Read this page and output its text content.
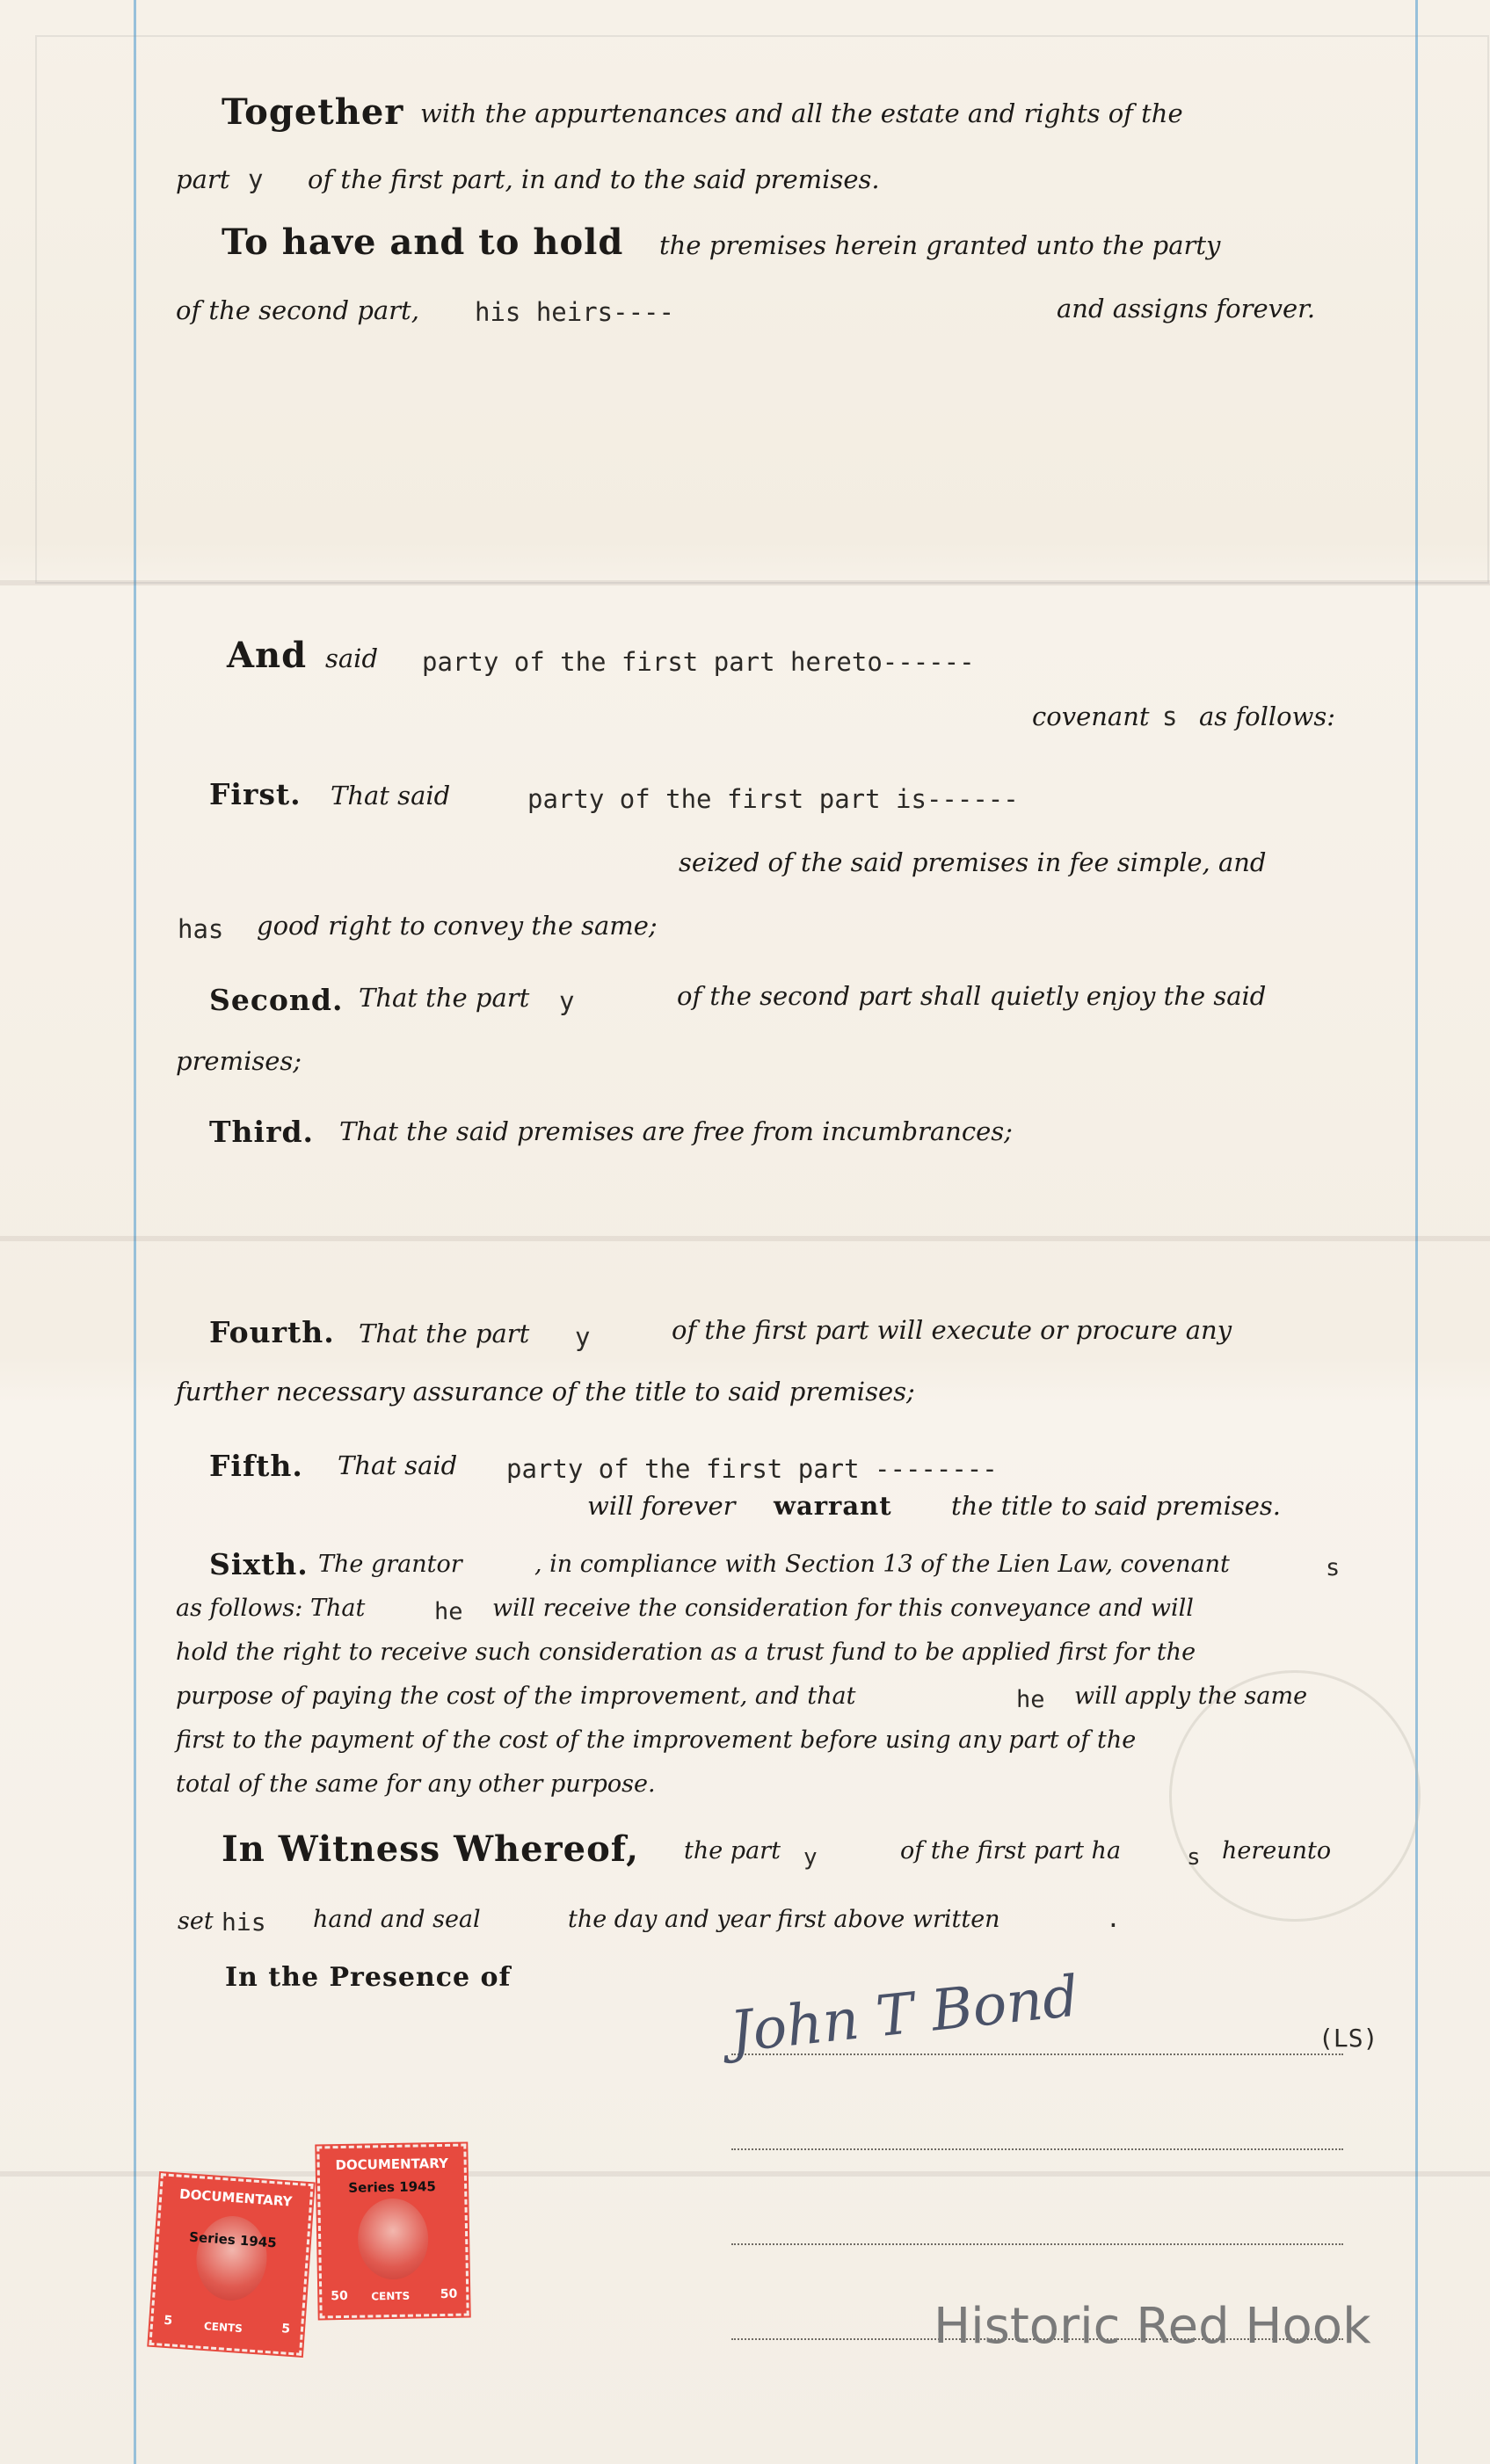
Together with the appurtenances and all the estate and rights of the
part y of the first part, in and to the said premises.
To have and to hold the premises herein granted unto the party
of the second part, his heirs----	and assigns forever.
And said party of the first part hereto------
covenant s as follows:
First. That said	party of the first part is------
seized of the said premises in fee simple, and
has good right to convey the same;
Second. That the part y	of the second part shall quietly enjoy the said
premises;
Third. That the said premises are free from incumbrances;
Fourth. That the part y	of the first part will execute or procure any
further necessary assurance of the title to said premises;
Fifth. That said party of the first part --------
will forever warrant the title to said premises.
Sixth. The grantor	, in compliance with Section 13 of the Lien Law, covenant	s
as follows: That	he will receive the consideration for this conveyance and will
hold the right to receive such consideration as a trust fund to be applied first for the
purpose of paying the cost of the improvement, and that	he will apply the same
first to the payment of the cost of the improvement before using any part of the
total of the same for any other purpose.
In Witness Whereof, the part y	of the first part ha	s hereunto
set his hand and seal	the day and year first above written	.
In the Presence of	John T Bond	(LS)
DOCUMENTARY
Series 1945
5	CENTS	5
DOCUMENTARY
Series 1945
50 CENTS 50
Historic Red Hook
